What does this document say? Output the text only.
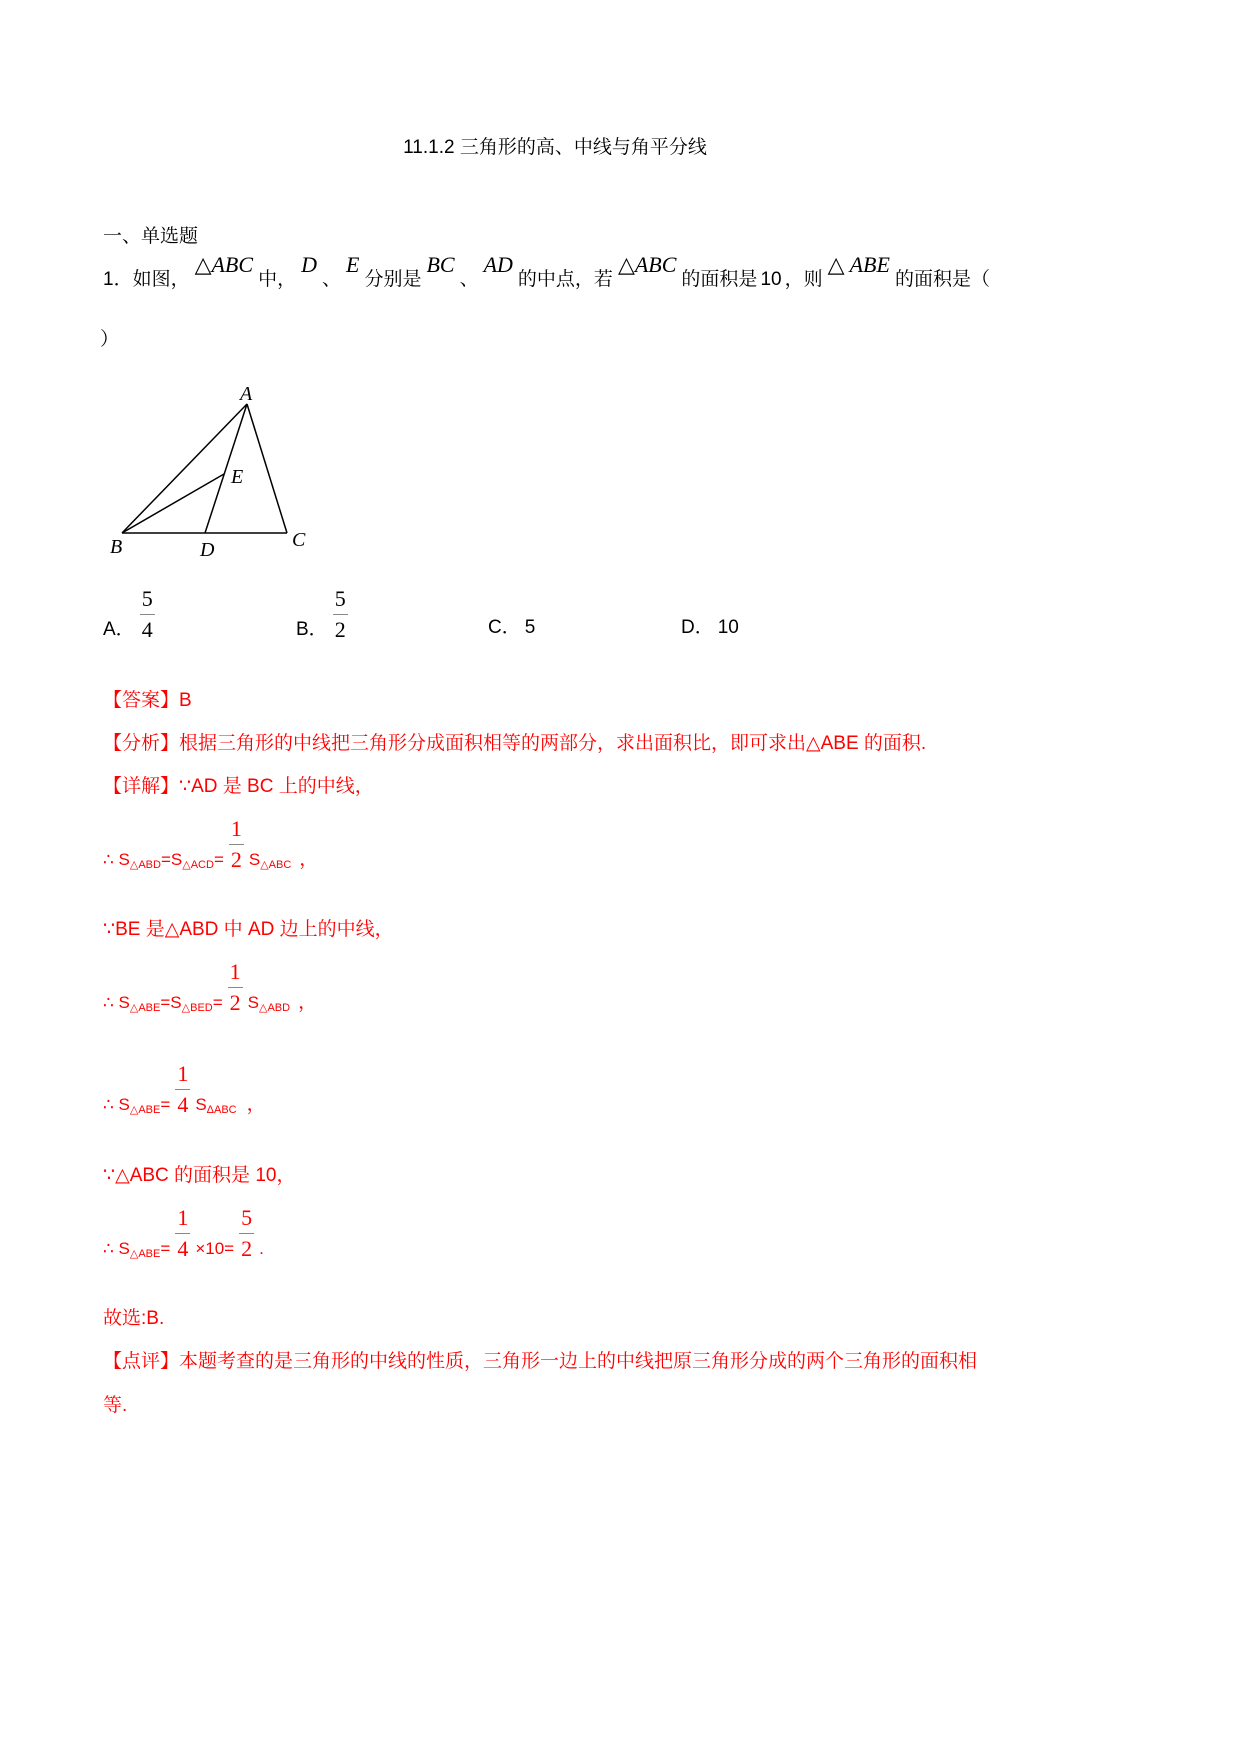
11.1.2 三角形的高、中线与角平分线
一、单选题
1．如图，
△ABC
中，
D
、
E
分别是
BC
、
AD
的中点，若
△ABC
的面积是 10 ，则
△ ABE
的面积是（
）
A
B	C
D
E
A． $\frac{5}{4}$	B． $\frac{5}{2}$	C． 5	D． 10
【答案】 B
【分析】 根据三角形的中线把三角形分成面积相等的两部分，求出面积比，即可求出△ABE 的面积.
【详解】 ∵AD 是 BC 上的中线，
∴ S △ABD =S △ACD = $\frac{1}{2}$ S △ABC ，
∵BE 是△ABD 中 AD 边上的中线，
∴ S △ABE =S △BED = $\frac{1}{2}$ S △ABD ，
∴ S △ABE = $\frac{1}{4}$ S ΔABC ，
∵△ABC 的面积是 10，
∴ S △ABE = $\frac{1}{4} \times 10= \frac{5}{2}$ .
故选:B.
【点评】 本题考查的是三角形的中线的性质，三角形一边上的中线把原三角形分成的两个三角形的面积相
等.
